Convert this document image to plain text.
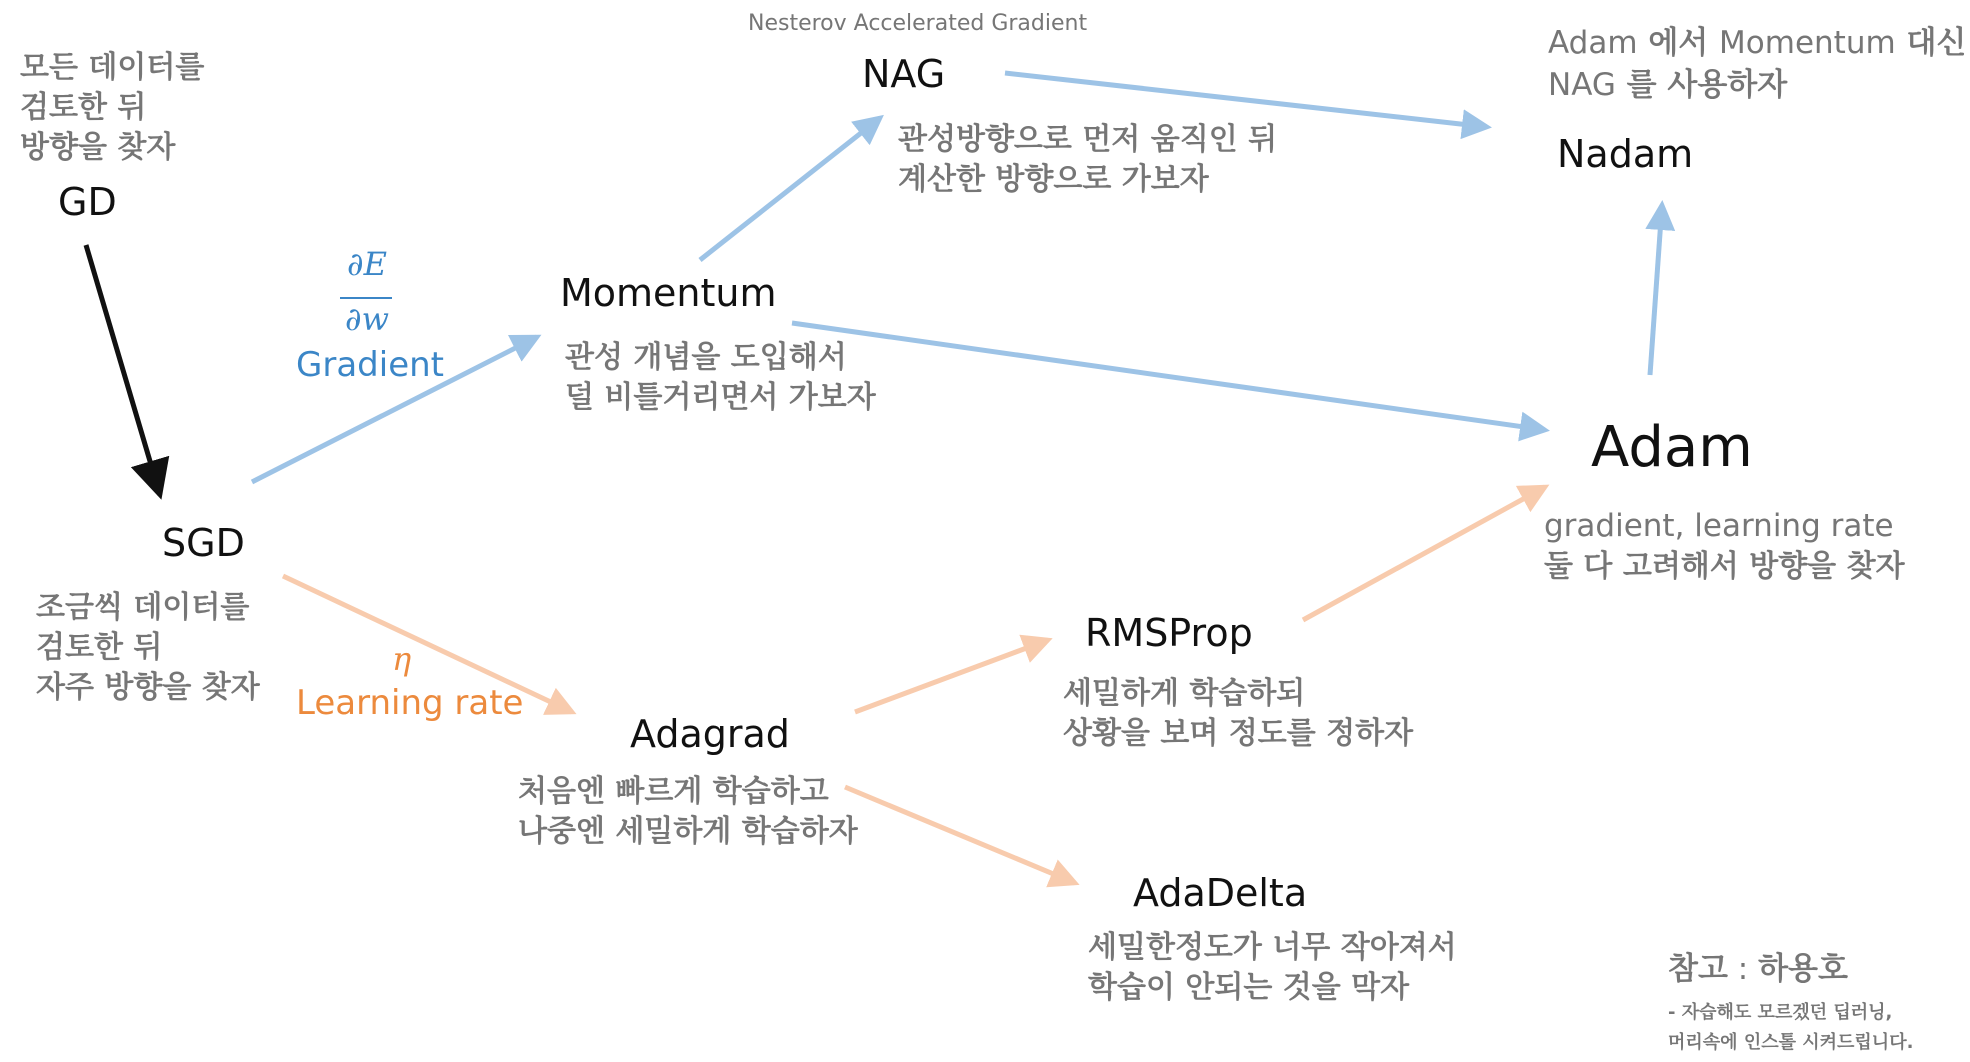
모든 데이터를
검토한 뒤
방향을 찾자
GD
SGD
조금씩 데이터를
검토한 뒤
자주 방향을 찾자
∂E
∂w
Gradient
η
Learning rate
Momentum
관성 개념을 도입해서
덜 비틀거리면서 가보자
Nesterov Accelerated Gradient
NAG
관성방향으로 먼저 움직인 뒤
계산한 방향으로 가보자
Adam 에서 Momentum 대신
NAG 를 사용하자
Nadam
Adam
gradient, learning rate
둘 다 고려해서 방향을 찾자
Adagrad
처음엔 빠르게 학습하고
나중엔 세밀하게 학습하자
RMSProp
세밀하게 학습하되
상황을 보며 정도를 정하자
AdaDelta
세밀한정도가 너무 작아져서
학습이 안되는 것을 막자
참고 : 하용호
- 자습해도 모르겠던 딥러닝,
머리속에 인스톨 시켜드립니다.
